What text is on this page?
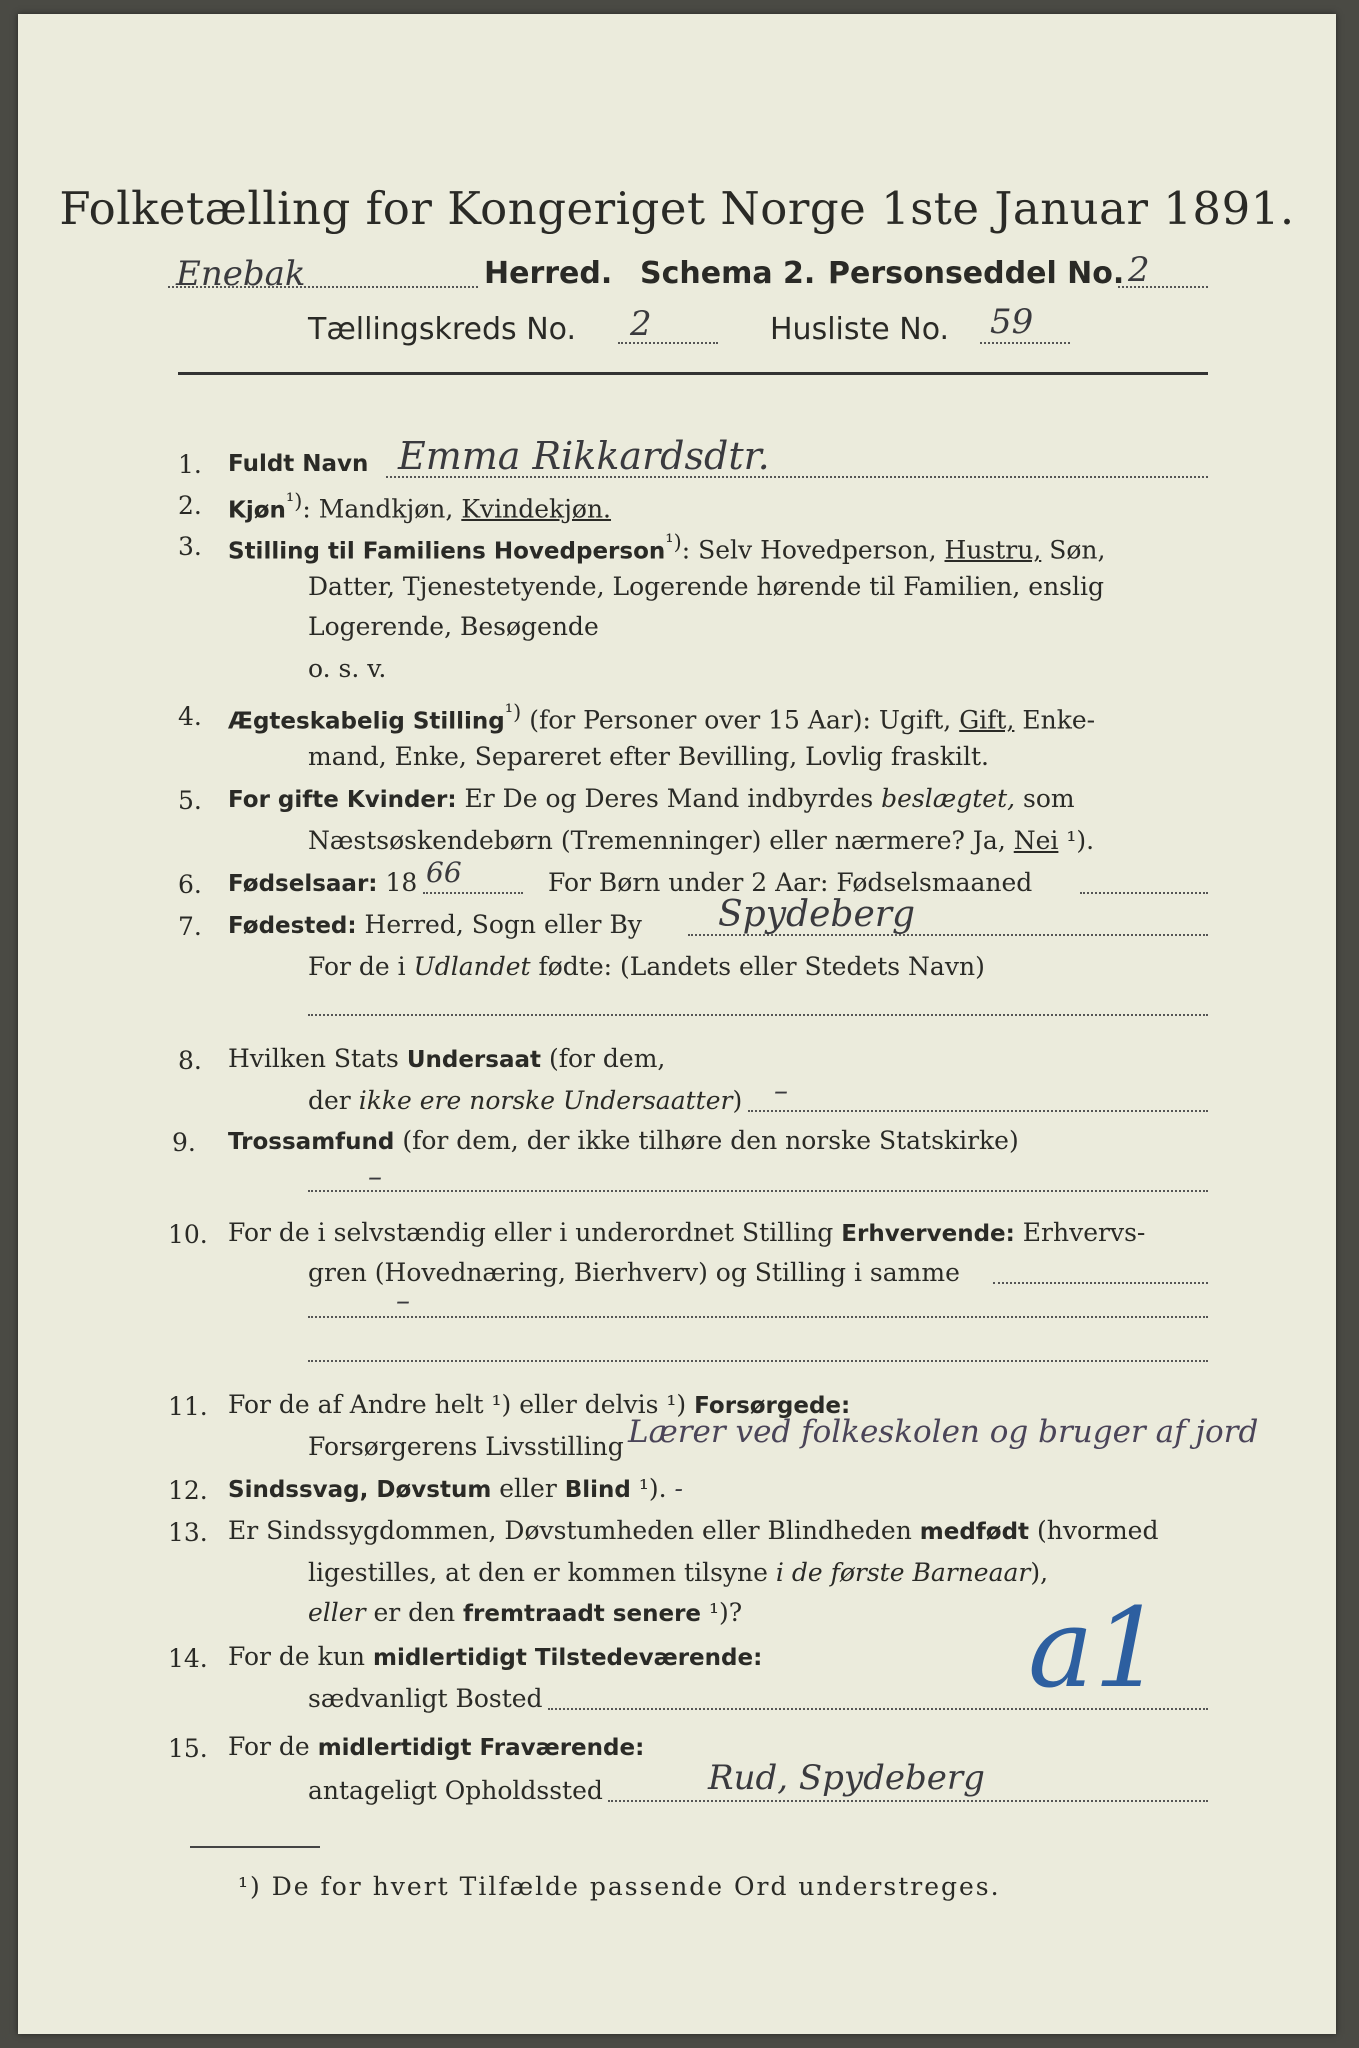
Folketælling for Kongeriget Norge 1ste Januar 1891.
Enebak	Herred. Schema 2. Personseddel No. 2
Tællingskreds No. 2	Husliste No. 59
1. Fuldt Navn Emma Rikkardsdtr.
2. Kjøn$^{^1)}$: Mandkjøn, Kvindekjøn.
3. Stilling til Familiens Hovedperson$^{^1)}$: Selv Hovedperson, Hustru, Søn,
Datter, Tjenestetyende, Logerende hørende til Familien, enslig
Logerende, Besøgende
o. s. v.
4. Ægteskabelig Stilling$^{^1)}$ (for Personer over 15 Aar): Ugift, Gift, Enke-
mand, Enke, Separeret efter Bevilling, Lovlig fraskilt.
5. For gifte Kvinder: Er De og Deres Mand indbyrdes beslægtet, som
Næstsøskendebørn (Tremenninger) eller nærmere? Ja, Nei ¹).
6. Fødselsaar: 18 66	For Børn under 2 Aar: Fødselsmaaned
7. Fødested: Herred, Sogn eller By Spydeberg
For de i Udlandet fødte: (Landets eller Stedets Navn)
8. Hvilken Stats Undersaat (for dem,
der ikke ere norske Undersaatter) –
9. Trossamfund (for dem, der ikke tilhøre den norske Statskirke)
–
10. For de i selvstændig eller i underordnet Stilling Erhvervende: Erhvervs-
gren (Hovednæring, Bierhverv) og Stilling i samme
–
11. For de af Andre helt ¹) eller delvis ¹) Forsørgede:
Forsørgerens Livsstilling Lærer ved folkeskolen og bruger af jord
12. Sindssvag, Døvstum eller Blind ¹). -
13. Er Sindssygdommen, Døvstumheden eller Blindheden medfødt (hvormed
ligestilles, at den er kommen tilsyne i de første Barneaar),
eller er den fremtraadt senere ¹)?
14. For de kun midlertidigt Tilstedeværende:
sædvanligt Bosted	a1
15. For de midlertidigt Fraværende:
antageligt Opholdssted	Rud, Spydeberg
¹) De for hvert Tilfælde passende Ord understreges.
